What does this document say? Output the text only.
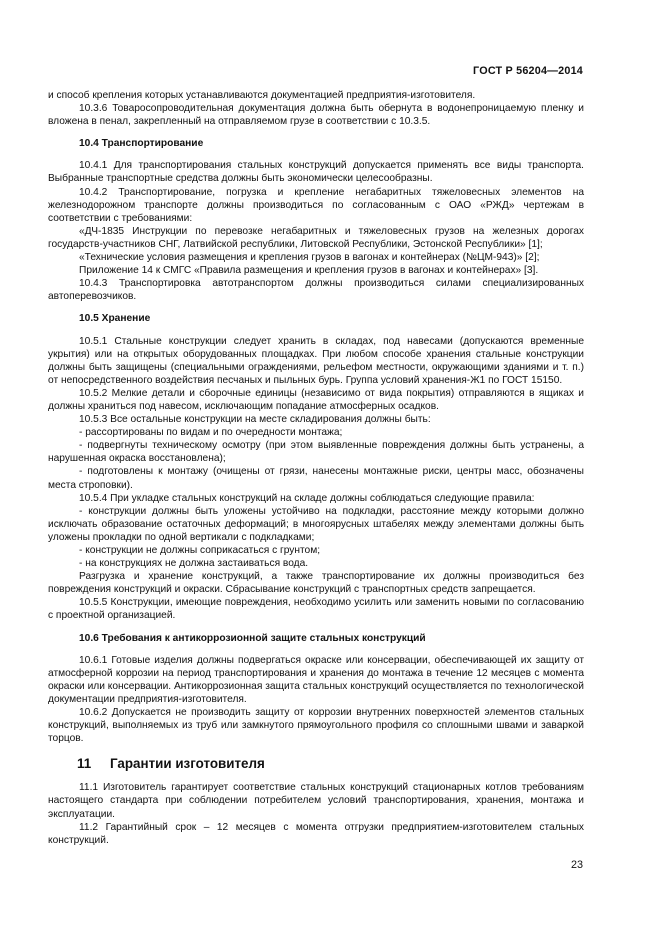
ГОСТ Р 56204—2014

и способ крепления которых устанавливаются документацией предприятия-изготовителя.

10.3.6 Товаросопроводительная документация должна быть обернута в водонепроницаемую пленку и вложена в пенал, закрепленный на отправляемом грузе в соответствии с 10.3.5.

10.4 Транспортирование

10.4.1 Для транспортирования стальных конструкций допускается применять все виды транспорта. Выбранные транспортные средства должны быть экономически целесообразны.

10.4.2 Транспортирование, погрузка и крепление негабаритных тяжеловесных элементов на железнодорожном транспорте должны производиться по согласованным с ОАО «РЖД» чертежам в соответствии с требованиями:

«ДЧ-1835 Инструкции по перевозке негабаритных и тяжеловесных грузов на железных дорогах государств-участников СНГ, Латвийской республики, Литовской Республики, Эстонской Республики» [1];

«Технические условия размещения и крепления грузов в вагонах и контейнерах (№ЦМ-943)» [2];

Приложение 14 к СМГС «Правила размещения и крепления грузов в вагонах и контейнерах» [3].

10.4.3 Транспортировка автотранспортом должны производиться силами специализированных автоперевозчиков.

10.5 Хранение

10.5.1 Стальные конструкции следует хранить в складах, под навесами (допускаются временные укрытия) или на открытых оборудованных площадках. При любом способе хранения стальные конструкции должны быть защищены (специальными ограждениями, рельефом местности, окружающими зданиями и т. п.) от непосредственного воздействия песчаных и пыльных бурь. Группа условий хранения-Ж1 по ГОСТ 15150.

10.5.2 Мелкие детали и сборочные единицы (независимо от вида покрытия) отправляются в ящиках и должны храниться под навесом, исключающим попадание атмосферных осадков.

10.5.3 Все остальные конструкции на месте складирования должны быть:

- рассортированы по видам и по очередности монтажа;

- подвергнуты техническому осмотру (при этом выявленные повреждения должны быть устранены, а нарушенная окраска восстановлена);

- подготовлены к монтажу (очищены от грязи, нанесены монтажные риски, центры масс, обозначены места строповки).

10.5.4 При укладке стальных конструкций на складе должны соблюдаться следующие правила:

- конструкции должны быть уложены устойчиво на подкладки, расстояние между которыми должно исключать образование остаточных деформаций; в многоярусных штабелях между элементами должны быть уложены прокладки по одной вертикали с подкладками;

- конструкции не должны соприкасаться с грунтом;

- на конструкциях не должна застаиваться вода.

Разгрузка и хранение конструкций, а также транспортирование их должны производиться без повреждения конструкций и окраски. Сбрасывание конструкций с транспортных средств запрещается.

10.5.5 Конструкции, имеющие повреждения, необходимо усилить или заменить новыми по согласованию с проектной организацией.

10.6 Требования к антикоррозионной защите стальных конструкций

10.6.1 Готовые изделия должны подвергаться окраске или консервации, обеспечивающей их защиту от атмосферной коррозии на период транспортирования и хранения до монтажа в течение 12 месяцев с момента окраски или консервации. Антикоррозионная защита стальных конструкций осуществляется по технологической документации предприятия-изготовителя.

10.6.2 Допускается не производить защиту от коррозии внутренних поверхностей элементов стальных конструкций, выполняемых из труб или замкнутого прямоугольного профиля со сплошными швами и заваркой торцов.

11 Гарантии изготовителя

11.1 Изготовитель гарантирует соответствие стальных конструкций стационарных котлов требованиям настоящего стандарта при соблюдении потребителем условий транспортирования, хранения, монтажа и эксплуатации.

11.2 Гарантийный срок – 12 месяцев с момента отгрузки предприятием-изготовителем стальных конструкций.

23
